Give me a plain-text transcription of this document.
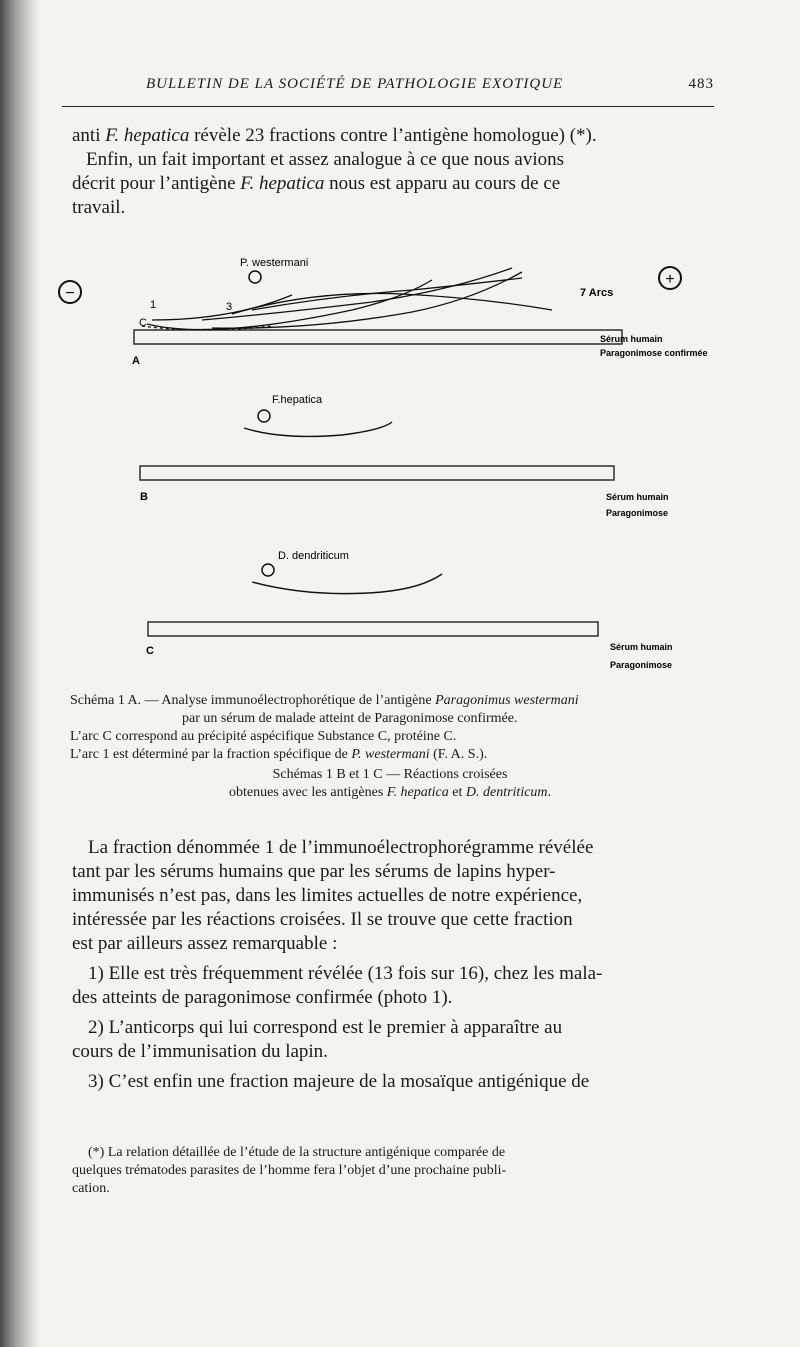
BULLETIN DE LA SOCIÉTÉ DE PATHOLOGIE EXOTIQUE	483
anti F. hepatica révèle 23 fractions contre l’antigène homologue) (*).
Enfin, un fait important et assez analogue à ce que nous avions
décrit pour l’antigène F. hepatica nous est apparu au cours de ce
travail.
−
+
P. westermani
1	3
C
7 Arcs
A
Sérum humain
Paragonimose confirmée
F.hepatica
B	Sérum humain
Paragonimose
D. dendriticum
C	Sérum humain
Paragonimose
Schéma 1 A. — Analyse immunoélectrophorétique de l’antigène Paragonimus westermani
par un sérum de malade atteint de Paragonimose confirmée.
L’arc C correspond au précipité aspécifique Substance C, protéine C.
L’arc 1 est déterminé par la fraction spécifique de P. westermani (F. A. S.).
Schémas 1 B et 1 C — Réactions croisées
obtenues avec les antigènes F. hepatica et D. dentriticum.
La fraction dénommée 1 de l’immunoélectrophorégramme révélée
tant par les sérums humains que par les sérums de lapins hyper-
immunisés n’est pas, dans les limites actuelles de notre expérience,
intéressée par les réactions croisées. Il se trouve que cette fraction
est par ailleurs assez remarquable :
1) Elle est très fréquemment révélée (13 fois sur 16), chez les mala-
des atteints de paragonimose confirmée (photo 1).
2) L’anticorps qui lui correspond est le premier à apparaître au
cours de l’immunisation du lapin.
3) C’est enfin une fraction majeure de la mosaïque antigénique de
(*) La relation détaillée de l’étude de la structure antigénique comparée de
quelques trématodes parasites de l’homme fera l’objet d’une prochaine publi-
cation.
